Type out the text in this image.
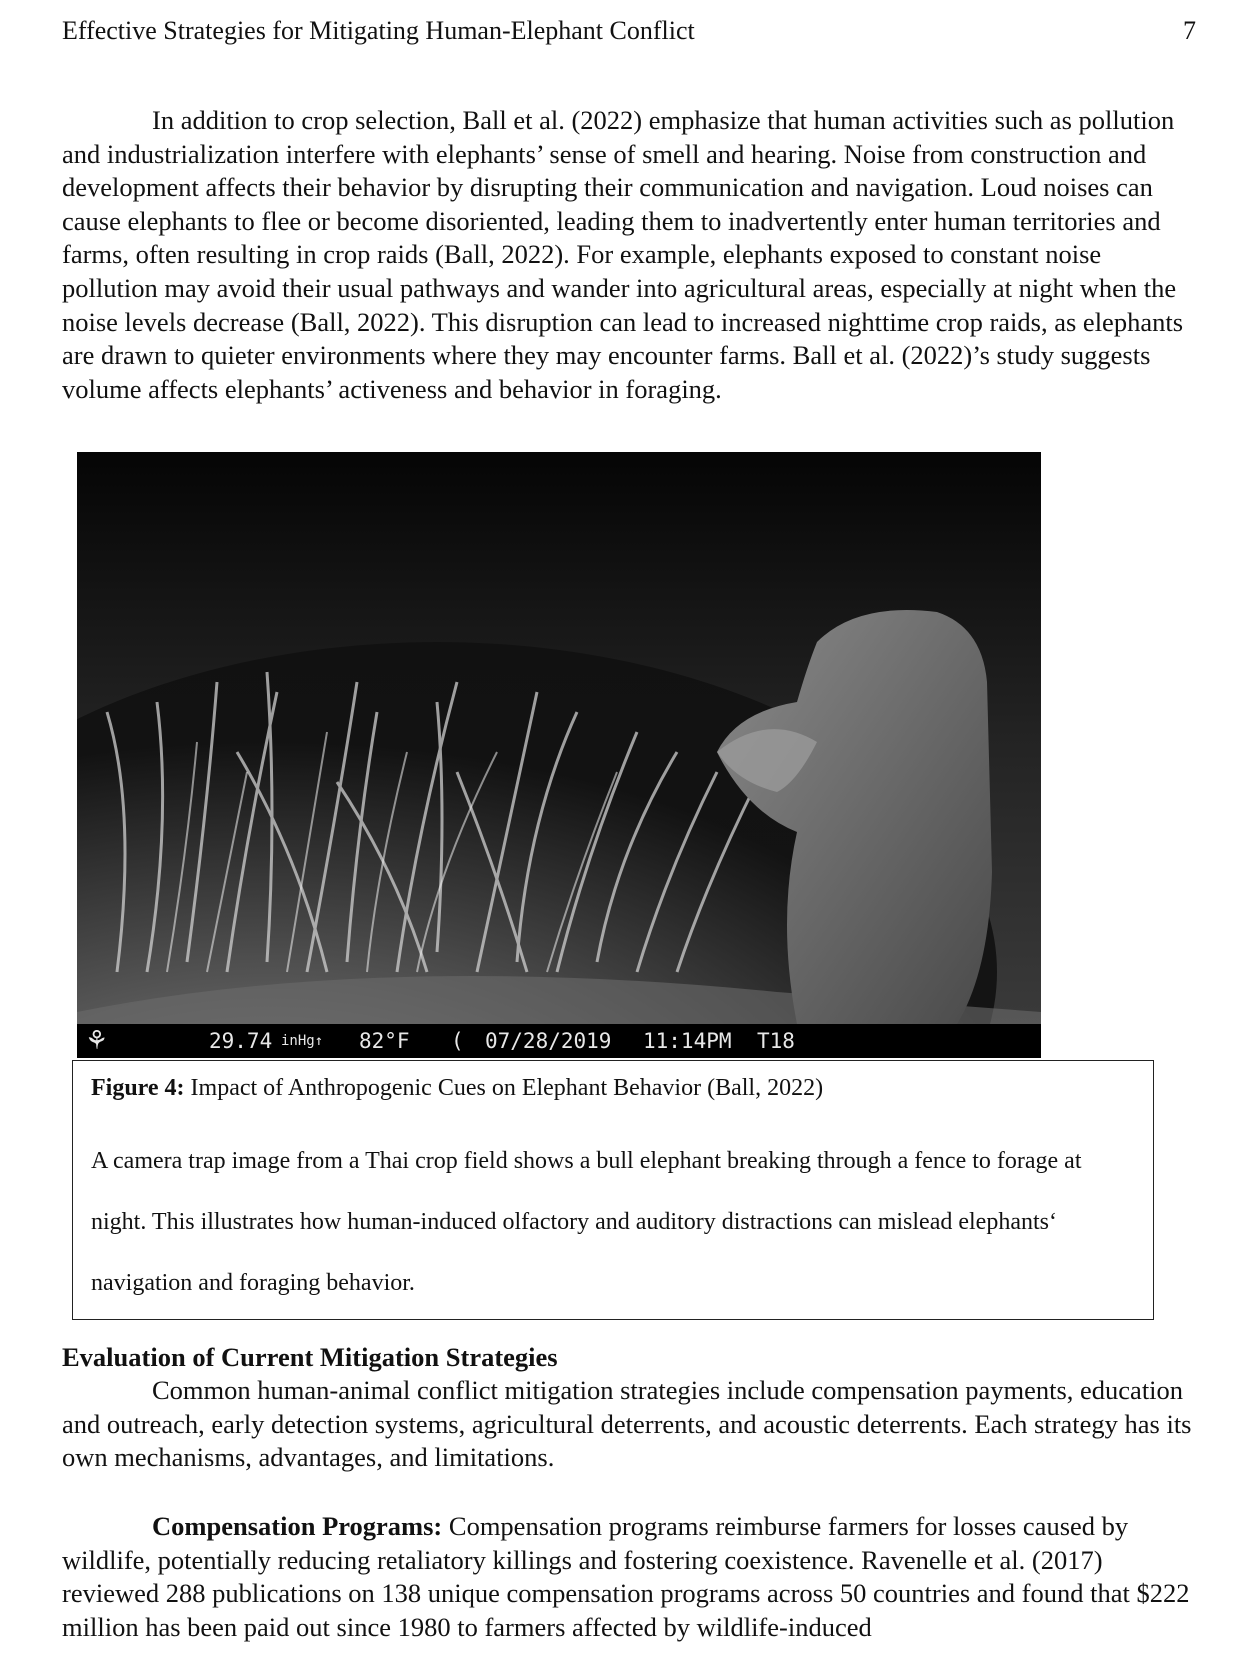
Effective Strategies for Mitigating Human-Elephant Conflict	7

In addition to crop selection, Ball et al. (2022) emphasize that human activities such as pollution and industrialization interfere with elephants’ sense of smell and hearing. Noise from construction and development affects their behavior by disrupting their communication and navigation. Loud noises can cause elephants to flee or become disoriented, leading them to inadvertently enter human territories and farms, often resulting in crop raids (Ball, 2022). For example, elephants exposed to constant noise pollution may avoid their usual pathways and wander into agricultural areas, especially at night when the noise levels decrease (Ball, 2022). This disruption can lead to increased nighttime crop raids, as elephants are drawn to quieter environments where they may encounter farms. Ball et al. (2022)’s study suggests volume affects elephants’ activeness and behavior in foraging.

⚘	29.74 inHg↑ 82°F ( 07/28/2019 11:14PM T18
Figure 4: Impact of Anthropogenic Cues on Elephant Behavior (Ball, 2022)
A camera trap image from a Thai crop field shows a bull elephant breaking through a fence to forage at night. This illustrates how human-induced olfactory and auditory distractions can mislead elephants‘ navigation and foraging behavior.
Evaluation of Current Mitigation Strategies

Common human-animal conflict mitigation strategies include compensation payments, education and outreach, early detection systems, agricultural deterrents, and acoustic deterrents. Each strategy has its own mechanisms, advantages, and limitations.

Compensation Programs: Compensation programs reimburse farmers for losses caused by wildlife, potentially reducing retaliatory killings and fostering coexistence. Ravenelle et al. (2017) reviewed 288 publications on 138 unique compensation programs across 50 countries and found that $222 million has been paid out since 1980 to farmers affected by wildlife-induced
